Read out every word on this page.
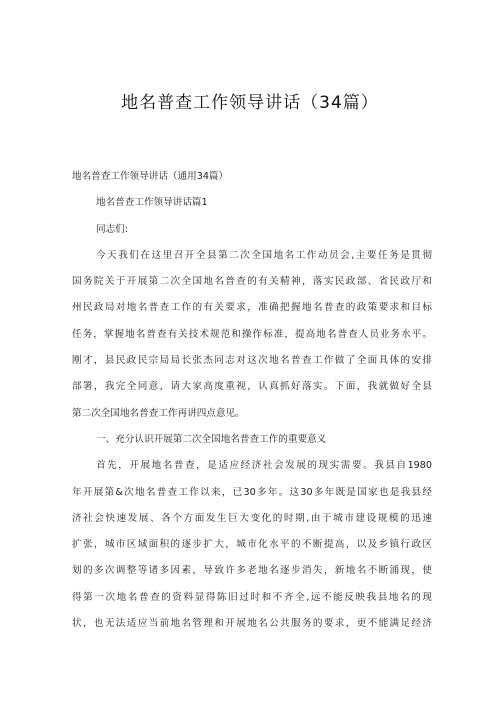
地名普查工作领导讲话（34篇）
地名普查工作领导讲话（通用34篇）
地名普查工作领导讲话篇1
同志们:
今天我们在这里召开全县第二次全国地名工作动员会,主要任务是贯彻
国务院关于开展第二次全国地名普查的有关精神，落实民政部、省民政厅和
州民政局对地名普查工作的有关要求，准确把握地名普查的政策要求和目标
任务，掌握地名普查有关技术规范和操作标准，提高地名普查人员业务水平。
刚才，县民政民宗局局长张杰同志对这次地名普查工作做了全面具体的安排
部署，我完全同意，请大家高度重视，认真抓好落实。下面，我就做好全县
第二次全国地名普查工作再讲四点意见。
一、充分认识开展第二次全国地名普查工作的重要意义
首先，开展地名普查，是适应经济社会发展的现实需要。我县自1980
年开展第&次地名普查工作以来，已30多年。这30多年既是国家也是我县经
济社会快速发展、各个方面发生巨大变化的时期,由于城市建设规模的迅速
扩张，城市区域面积的逐步扩大，城市化水平的不断提高，以及乡镇行政区
划的多次调整等诸多因素，导致许多老地名逐步消失，新地名不断涌现，使
得第一次地名普查的资料显得陈旧过时和不齐全,远不能反映我县地名的现
状，也无法适应当前地名管理和开展地名公共服务的要求，更不能满足经济
